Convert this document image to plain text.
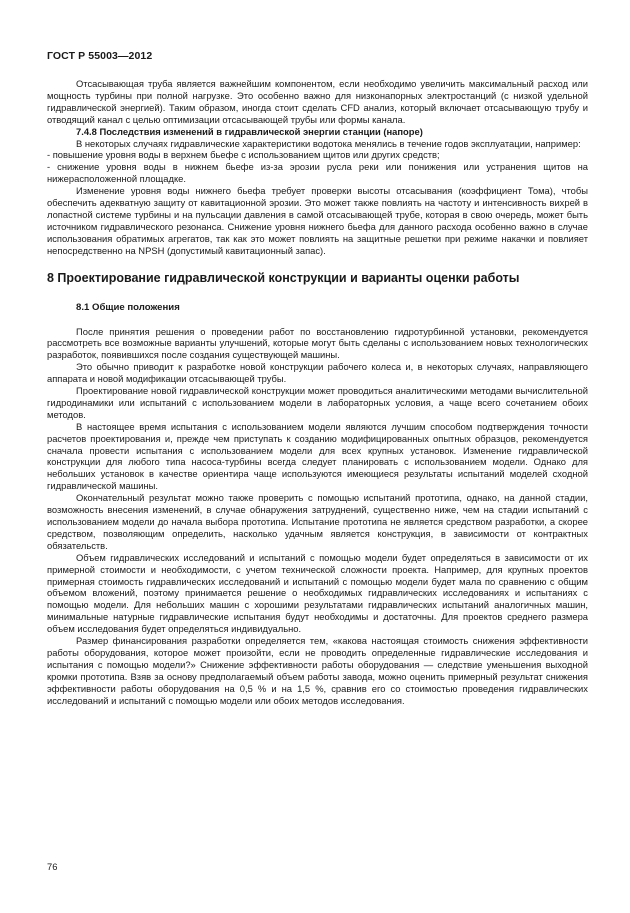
ГОСТ Р 55003—2012

Отсасывающая труба является важнейшим компонентом, если необходимо увеличить максимальный расход или мощность турбины при полной нагрузке. Это особенно важно для низконапорных электростанций (с низкой удельной гидравлической энергией). Таким образом, иногда стоит сделать CFD анализ, который включает отсасывающую трубу и отводящий канал с целью оптимизации отсасывающей трубы или формы канала.

7.4.8 Последствия изменений в гидравлической энергии станции (напоре)

В некоторых случаях гидравлические характеристики водотока менялись в течение годов эксплуатации, например:

- повышение уровня воды в верхнем бьефе с использованием щитов или других средств;

- снижение уровня воды в нижнем бьефе из-за эрозии русла реки или понижения или устранения щитов на нижерасположенной площадке.

Изменение уровня воды нижнего бьефа требует проверки высоты отсасывания (коэффициент Тома), чтобы обеспечить адекватную защиту от кавитационной эрозии. Это может также повлиять на частоту и интенсивность вихрей в лопастной системе турбины и на пульсации давления в самой отсасывающей трубе, которая в свою очередь, может быть источником гидравлического резонанса. Снижение уровня нижнего бьефа для данного расхода особенно важно в случае использования обратимых агрегатов, так как это может повлиять на защитные решетки при режиме накачки и повлияет непосредственно на NPSH (допустимый кавитационный запас).

8 Проектирование гидравлической конструкции и варианты оценки работы

8.1 Общие положения

После принятия решения о проведении работ по восстановлению гидротурбинной установки, рекомендуется рассмотреть все возможные варианты улучшений, которые могут быть сделаны с использованием новых технологических разработок, появившихся после создания существующей машины.

Это обычно приводит к разработке новой конструкции рабочего колеса и, в некоторых случаях, направляющего аппарата и новой модификации отсасывающей трубы.

Проектирование новой гидравлической конструкции может проводиться аналитическими методами вычислительной гидродинамики или испытаний с использованием модели в лабораторных условия, а чаще всего сочетанием обоих методов.

В настоящее время испытания с использованием модели являются лучшим способом подтверждения точности расчетов проектирования и, прежде чем приступать к созданию модифицированных опытных образцов, рекомендуется сначала провести испытания с использованием модели для всех крупных установок. Изменение гидравлической конструкции для любого типа насоса-турбины всегда следует планировать с использованием модели. Однако для небольших установок в качестве ориентира чаще используются имеющиеся результаты испытаний моделей сходной гидравлической машины.

Окончательный результат можно также проверить с помощью испытаний прототипа, однако, на данной стадии, возможность внесения изменений, в случае обнаружения затруднений, существенно ниже, чем на стадии испытаний с использованием модели до начала выбора прототипа. Испытание прототипа не является средством разработки, а скорее средством, позволяющим определить, насколько удачным является конструкция, в зависимости от контрактных обязательств.

Объем гидравлических исследований и испытаний с помощью модели будет определяться в зависимости от их примерной стоимости и необходимости, с учетом технической сложности проекта. Например, для крупных проектов примерная стоимость гидравлических исследований и испытаний с помощью модели будет мала по сравнению с общим объемом вложений, поэтому принимается решение о необходимых гидравлических исследованиях и испытаниях с помощью модели. Для небольших машин с хорошими результатами гидравлических испытаний аналогичных машин, минимальные натурные гидравлические испытания будут необходимы и достаточны. Для проектов среднего размера объем исследования будет определяться индивидуально.

Размер финансирования разработки определяется тем, «какова настоящая стоимость снижения эффективности работы оборудования, которое может произойти, если не проводить определенные гидравлические исследования и испытания с помощью модели?» Снижение эффективности работы оборудования — следствие уменьшения выходной кромки прототипа. Взяв за основу предполагаемый объем работы завода, можно оценить примерный результат снижения эффективности работы оборудования на 0,5 % и на 1,5 %, сравнив его со стоимостью проведения гидравлических исследований и испытаний с помощью модели или обоих методов исследования.

76
